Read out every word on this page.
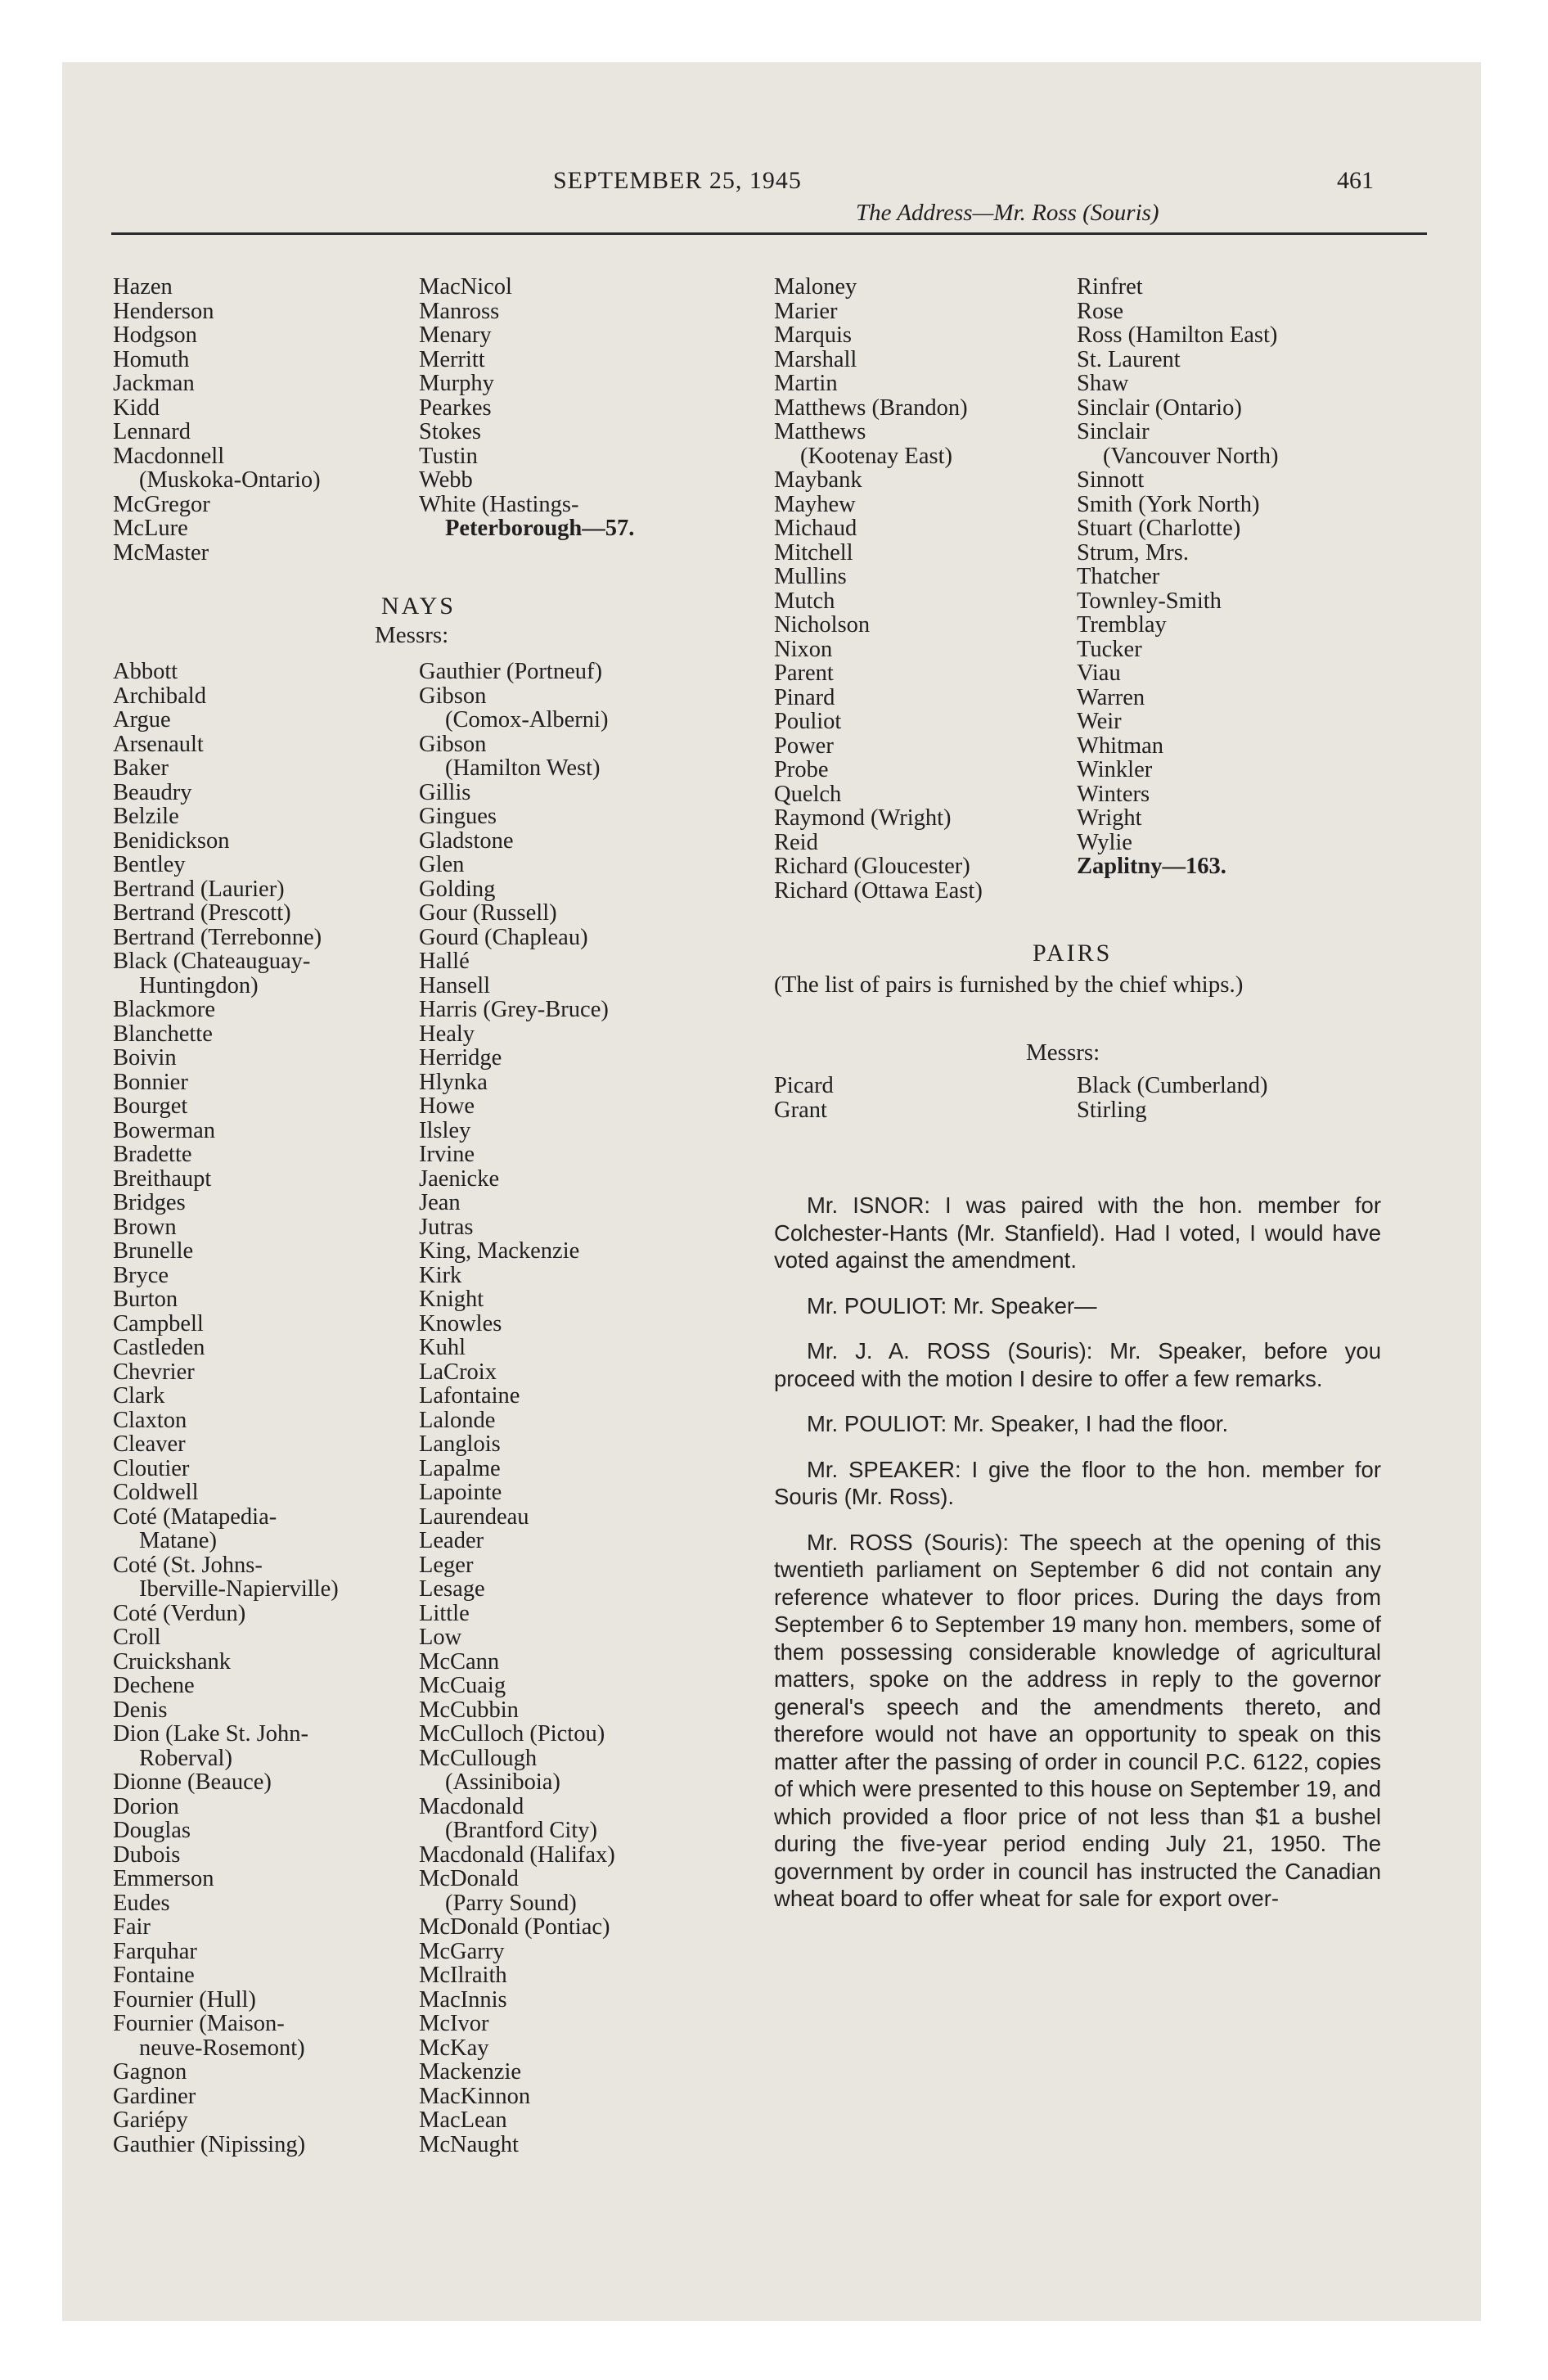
SEPTEMBER 25, 1945	461
The Address—Mr. Ross (Souris)
Hazen
Henderson
Hodgson
Homuth
Jackman
Kidd
Lennard
Macdonnell
(Muskoka-Ontario)
McGregor
McLure
McMaster
MacNicol
Manross
Menary
Merritt
Murphy
Pearkes
Stokes
Tustin
Webb
White (Hastings-
Peterborough—57.
NAYS
Messrs:
Abbott
Archibald
Argue
Arsenault
Baker
Beaudry
Belzile
Benidickson
Bentley
Bertrand (Laurier)
Bertrand (Prescott)
Bertrand (Terrebonne)
Black (Chateauguay-
Huntingdon)
Blackmore
Blanchette
Boivin
Bonnier
Bourget
Bowerman
Bradette
Breithaupt
Bridges
Brown
Brunelle
Bryce
Burton
Campbell
Castleden
Chevrier
Clark
Claxton
Cleaver
Cloutier
Coldwell
Coté (Matapedia-
Matane)
Coté (St. Johns-
Iberville-Napierville)
Coté (Verdun)
Croll
Cruickshank
Dechene
Denis
Dion (Lake St. John-
Roberval)
Dionne (Beauce)
Dorion
Douglas
Dubois
Emmerson
Eudes
Fair
Farquhar
Fontaine
Fournier (Hull)
Fournier (Maison-
neuve-Rosemont)
Gagnon
Gardiner
Gariépy
Gauthier (Nipissing)
Gauthier (Portneuf)
Gibson
(Comox-Alberni)
Gibson
(Hamilton West)
Gillis
Gingues
Gladstone
Glen
Golding
Gour (Russell)
Gourd (Chapleau)
Hallé
Hansell
Harris (Grey-Bruce)
Healy
Herridge
Hlynka
Howe
Ilsley
Irvine
Jaenicke
Jean
Jutras
King, Mackenzie
Kirk
Knight
Knowles
Kuhl
LaCroix
Lafontaine
Lalonde
Langlois
Lapalme
Lapointe
Laurendeau
Leader
Leger
Lesage
Little
Low
McCann
McCuaig
McCubbin
McCulloch (Pictou)
McCullough
(Assiniboia)
Macdonald
(Brantford City)
Macdonald (Halifax)
McDonald
(Parry Sound)
McDonald (Pontiac)
McGarry
McIlraith
MacInnis
McIvor
McKay
Mackenzie
MacKinnon
MacLean
McNaught
Maloney
Marier
Marquis
Marshall
Martin
Matthews (Brandon)
Matthews
(Kootenay East)
Maybank
Mayhew
Michaud
Mitchell
Mullins
Mutch
Nicholson
Nixon
Parent
Pinard
Pouliot
Power
Probe
Quelch
Raymond (Wright)
Reid
Richard (Gloucester)
Richard (Ottawa East)
Rinfret
Rose
Ross (Hamilton East)
St. Laurent
Shaw
Sinclair (Ontario)
Sinclair
(Vancouver North)
Sinnott
Smith (York North)
Stuart (Charlotte)
Strum, Mrs.
Thatcher
Townley-Smith
Tremblay
Tucker
Viau
Warren
Weir
Whitman
Winkler
Winters
Wright
Wylie
Zaplitny—163.
PAIRS
(The list of pairs is furnished by the chief whips.)
Messrs:
Picard
Grant
Black (Cumberland)
Stirling

Mr. ISNOR: I was paired with the hon. member for Colchester-Hants (Mr. Stanfield). Had I voted, I would have voted against the amendment.

Mr. POULIOT: Mr. Speaker—

Mr. J. A. ROSS (Souris): Mr. Speaker, before you proceed with the motion I desire to offer a few remarks.

Mr. POULIOT: Mr. Speaker, I had the floor.

Mr. SPEAKER: I give the floor to the hon. member for Souris (Mr. Ross).

Mr. ROSS (Souris): The speech at the opening of this twentieth parliament on September 6 did not contain any reference whatever to floor prices. During the days from September 6 to September 19 many hon. members, some of them possessing considerable knowledge of agricultural matters, spoke on the address in reply to the governor general's speech and the amendments thereto, and therefore would not have an opportunity to speak on this matter after the passing of order in council P.C. 6122, copies of which were presented to this house on September 19, and which provided a floor price of not less than $1 a bushel during the five-year period ending July 21, 1950. The government by order in council has instructed the Canadian wheat board to offer wheat for sale for export over-
